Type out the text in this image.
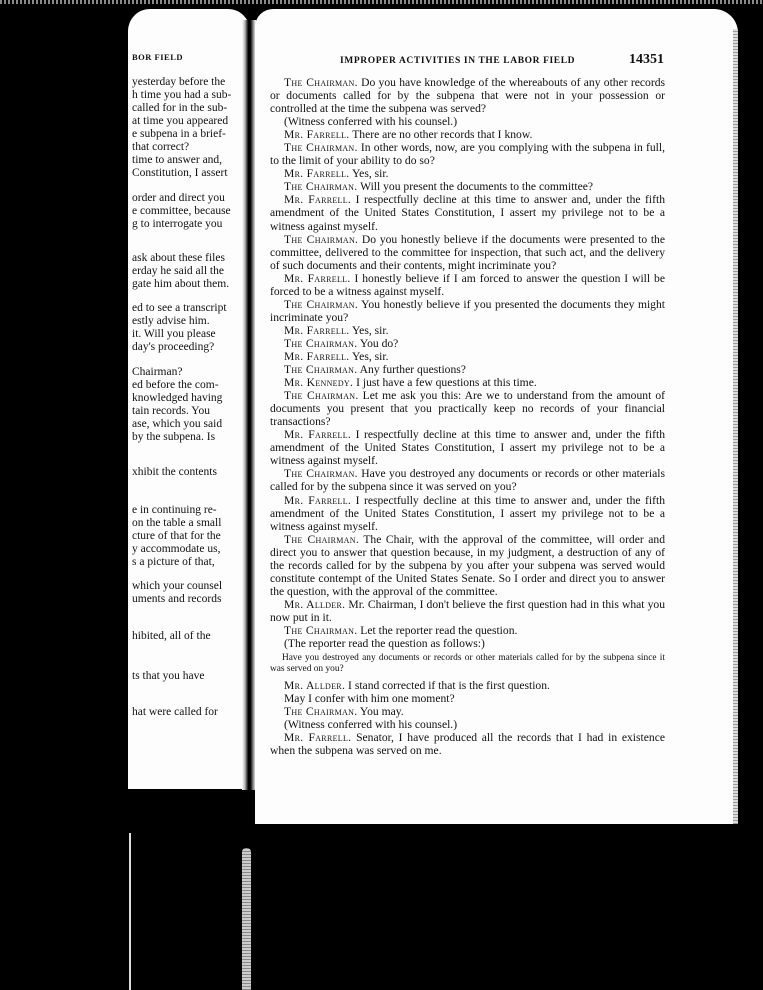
BOR FIELD
yesterday before the
h time you had a sub-
called for in the sub-
at time you appeared
e subpena in a brief-
that correct?
time to answer and,
Constitution, I assert
order and direct you
e committee, because
g to interrogate you
ask about these files
erday he said all the
gate him about them.
ed to see a transcript
estly advise him.
it. Will you please
day's proceeding?
Chairman?
ed before the com-
knowledged having
tain records. You
ase, which you said
by the subpena. Is
xhibit the contents
e in continuing re-
on the table a small
cture of that for the
y accommodate us,
s a picture of that,
which your counsel
uments and records
hibited, all of the
ts that you have
hat were called for
IMPROPER ACTIVITIES IN THE LABOR FIELD	14351

The Chairman. Do you have knowledge of the whereabouts of any other records or documents called for by the subpena that were not in your possession or controlled at the time the subpena was served?

(Witness conferred with his counsel.)

Mr. Farrell. There are no other records that I know.

The Chairman. In other words, now, are you complying with the subpena in full, to the limit of your ability to do so?

Mr. Farrell. Yes, sir.

The Chairman. Will you present the documents to the committee?

Mr. Farrell. I respectfully decline at this time to answer and, under the fifth amendment of the United States Constitution, I assert my privilege not to be a witness against myself.

The Chairman. Do you honestly believe if the documents were presented to the committee, delivered to the committee for inspection, that such act, and the delivery of such documents and their contents, might incriminate you?

Mr. Farrell. I honestly believe if I am forced to answer the question I will be forced to be a witness against myself.

The Chairman. You honestly believe if you presented the documents they might incriminate you?

Mr. Farrell. Yes, sir.

The Chairman. You do?

Mr. Farrell. Yes, sir.

The Chairman. Any further questions?

Mr. Kennedy. I just have a few questions at this time.

The Chairman. Let me ask you this: Are we to understand from the amount of documents you present that you practically keep no records of your financial transactions?

Mr. Farrell. I respectfully decline at this time to answer and, under the fifth amendment of the United States Constitution, I assert my privilege not to be a witness against myself.

The Chairman. Have you destroyed any documents or records or other materials called for by the subpena since it was served on you?

Mr. Farrell. I respectfully decline at this time to answer and, under the fifth amendment of the United States Constitution, I assert my privilege not to be a witness against myself.

The Chairman. The Chair, with the approval of the committee, will order and direct you to answer that question because, in my judgment, a destruction of any of the records called for by the subpena by you after your subpena was served would constitute contempt of the United States Senate. So I order and direct you to answer the question, with the approval of the committee.

Mr. Allder. Mr. Chairman, I don't believe the first question had in this what you now put in it.

The Chairman. Let the reporter read the question.

(The reporter read the question as follows:)

Have you destroyed any documents or records or other materials called for by the subpena since it was served on you?

Mr. Allder. I stand corrected if that is the first question.

May I confer with him one moment?

The Chairman. You may.

(Witness conferred with his counsel.)

Mr. Farrell. Senator, I have produced all the records that I had in existence when the subpena was served on me.
